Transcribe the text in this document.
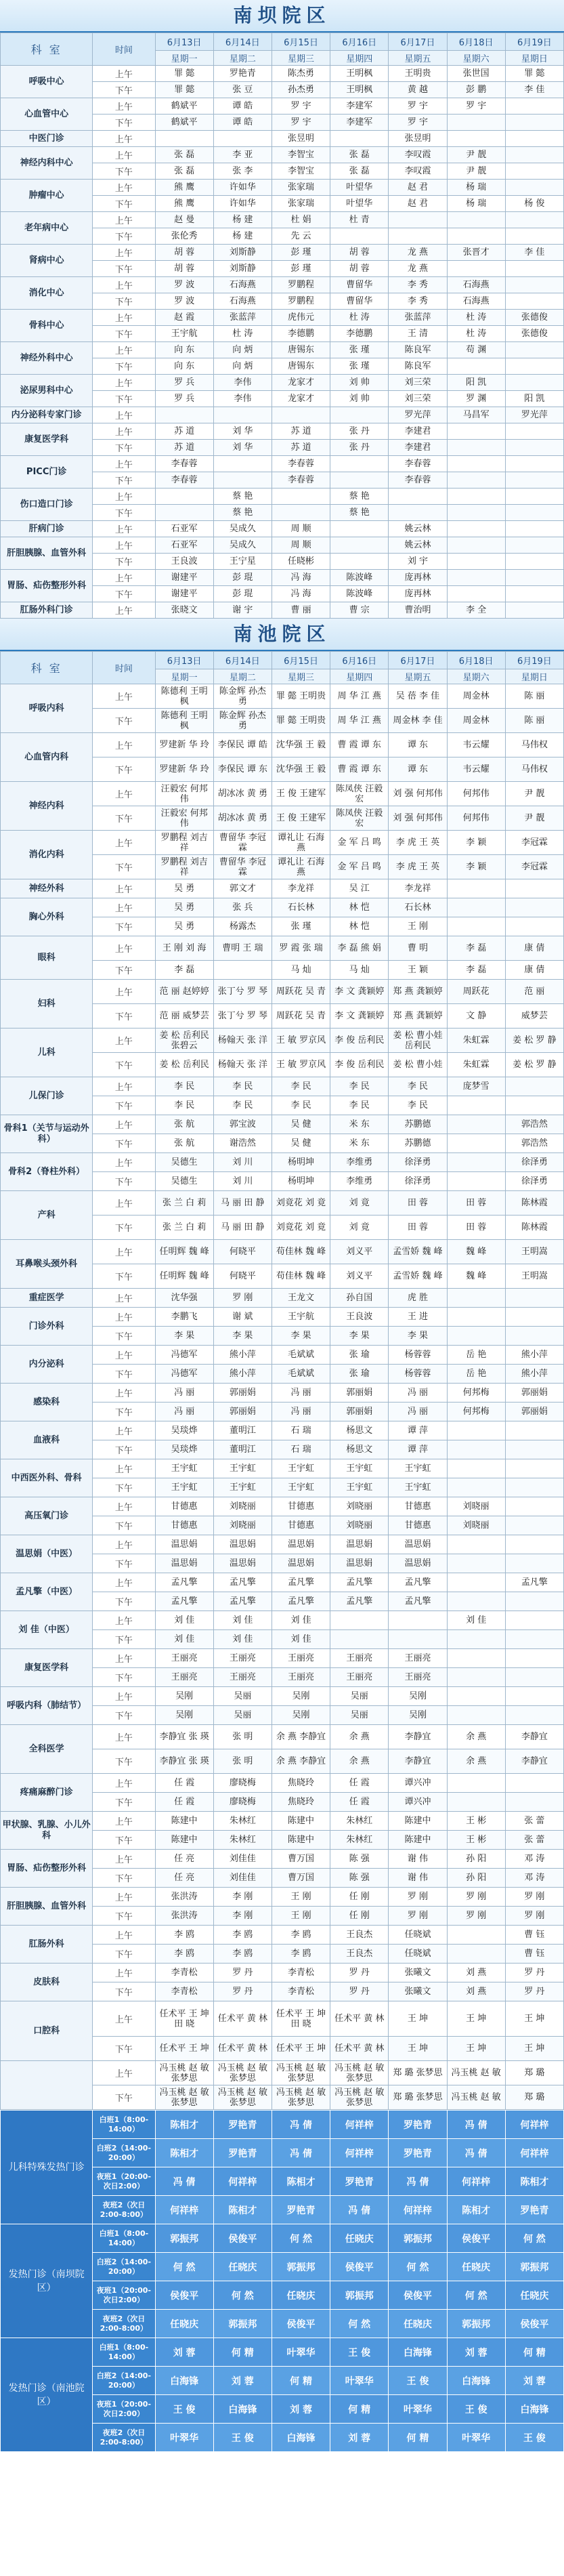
南坝院区
科 室	时间	6月13日	6月14日	6月15日	6月16日	6月17日	6月18日	6月19日
		星期一	星期二	星期三	星期四	星期五	星期六	星期日
呼吸中心	上午	罪 懿	罗艳青	陈杰勇	王明枫	王明贵	张世国	罪 懿
	下午	罪 懿	张 豆	孙杰勇	王明枫	黄 越	彭 鹏	李 佳
心血管中心	上午	鹤斌平	谭 皓	罗 宇	李建军	罗 宇	罗 宇	
	下午	鹤斌平	谭 皓	罗 宇	李建军	罗 宇		
中医门诊	上午			张昱明		张昱明		
神经内科中心	上午	张 磊	李 亚	李智宝	张 磊	李叹霞	尹 靓	
	下午	张 磊	张 李	李智宝	张 磊	李叹霞	尹 靓	
肿瘤中心	上午	熊 鹰	许如华	张家瑞	叶望华	赵 君	杨 瑞	
	下午	熊 鹰	许如华	张家瑞	叶望华	赵 君	杨 瑞	杨 俊
老年病中心	上午	赵 曼	杨 建	杜 娟	杜 青			
	下午	张伦秀	杨 建	先 云				
肾病中心	上午	胡 蓉	刘斯静	彭 瑾	胡 蓉	龙 燕	张晋才	李 佳
	下午	胡 蓉	刘斯静	彭 瑾	胡 蓉	龙 燕		
消化中心	上午	罗 波	石海燕	罗鹏程	曹留华	李 秀	石海燕	
	下午	罗 波	石海燕	罗鹏程	曹留华	李 秀	石海燕	
骨科中心	上午	赵 霞	张蓝萍	虎伟元	杜 涛	张蓝萍	杜 涛	张德俊
	下午	王宇航	杜 涛	李德鹏	李德鹏	王 清	杜 涛	张德俊
神经外科中心	上午	向 东	向 炳	唐锡东	张 瑾	陈良军	苟 渊	
	下午	向 东	向 炳	唐锡东	张 瑾	陈良军		
泌尿男科中心	上午	罗 兵	李伟	龙家才	刘 帅	刘三荣	阳 凯	
	下午	罗 兵	李伟	龙家才	刘 帅	刘三荣	罗 渊	阳 凯
内分泌科专家门诊	上午					罗光萍	马昌军	罗光萍
康复医学科	上午	苏 道	刘 华	苏 道	张 丹	李建君		
	下午	苏 道	刘 华	苏 道	张 丹	李建君		
PICC门诊	上午	李春蓉		李春蓉		李春蓉		
	下午	李春蓉		李春蓉		李春蓉		
伤口造口门诊	上午		蔡 艳		蔡 艳			
	下午		蔡 艳		蔡 艳			
肝病门诊	上午	石亚军	吴成久	周 顺		姚云林		
肝胆胰腺、血管外科	上午	石亚军	吴成久	周 顺		姚云林		
	下午	王良波	王宁星	任晓彬		刘 宇		
胃肠、疝伤整形外科	上午	谢建平	彭 琨	冯 海	陈波峰	庞再林		
	下午	谢建平	彭 琨	冯 海	陈波峰	庞再林		
肛肠外科门诊	上午	张晓文	谢 宇	曹 丽	曹 宗	曹治明	李 全	
南池院区
科 室	时间	6月13日	6月14日	6月15日	6月16日	6月17日	6月18日	6月19日
		星期一	星期二	星期三	星期四	星期五	星期六	星期日
呼吸内科	上午	陈德利 王明枫	陈金辉 孙杰勇	罪 懿 王明贵	周 华 江 燕	吴 蓓 李 佳	周金林	陈 丽
	下午	陈德利 王明枫	陈金辉 孙杰勇	罪 懿 王明贵	周 华 江 燕	周金林 李 佳	周金林	陈 丽
心血管内科	上午	罗建新 华 玲	李保民 谭 皓	沈华强 王 毅	曹 霞 谭 东	谭 东	韦云耀	马伟权
	下午	罗建新 华 玲	李保民 谭 东	沈华强 王 毅	曹 霞 谭 东	谭 东	韦云耀	马伟权
神经内科	上午	汪毅宏 何邦伟	胡冰冰 黄 勇	王 俊 王建军	陈凤侠 汪毅宏	刘 强 何邦伟	何邦伟	尹 靓
	下午	汪毅宏 何邦伟	胡冰冰 黄 勇	王 俊 王建军	陈凤侠 汪毅宏	刘 强 何邦伟	何邦伟	尹 靓
消化内科	上午	罗鹏程 刘吉祥	曹留华 李冠霖	谭礼让 石海燕	金 军 吕 鸣	李 虎 王 英	李 颖	李冠霖
	下午	罗鹏程 刘吉祥	曹留华 李冠霖	谭礼让 石海燕	金 军 吕 鸣	李 虎 王 英	李 颖	李冠霖
神经外科	上午	吴 勇	郭文才	李龙祥	吴 江	李龙祥		
胸心外科	上午	吴 勇	张 兵	石长林	林 恺	石长林		
	下午	吴 勇	杨露杰	张 瑾	林 恺	王 刚		
眼科	上午	王 刚 刘 海	曹明 王 瑞	罗 霞 张 瑞	李 磊 熊 娟	曹 明	李 磊	康 倩
	下午	李 磊		马 灿	马 灿	王 颖	李 磊	康 倩
妇科	上午	范 丽 赵婷婷	张丁兮 罗 琴	周跃花 吴 青	李 文 龚颖婷	郑 燕 龚颖婷	周跃花	范 丽
	下午	范 丽 威梦芸	张丁兮 罗 琴	周跃花 吴 青	李 文 龚颖婷	郑 燕 龚颖婷	文 静	威梦芸
儿科	上午	姜 松 岳利民 张碧云	杨翰天 张 洋	王 敏 罗京风	李 俊 岳利民	姜 松 曹小娃 岳利民	朱虹霖	姜 松 罗 静
	下午	姜 松 岳利民	杨翰天 张 洋	王 敏 罗京风	李 俊 岳利民	姜 松 曹小娃	朱虹霖	姜 松 罗 静
儿保门诊	上午	李 民	李 民	李 民	李 民	李 民	庞梦雪	
	下午	李 民	李 民	李 民	李 民	李 民		
骨科1（关节与运动外科）	上午	张 航	郭宝波	吴 健	米 东	苏鹏德		郭浩然
	下午	张 航	谢浩然	吴 健	米 东	苏鹏德		郭浩然
骨科2（脊柱外科）	上午	吴德生	刘 川	杨明坤	李维勇	徐泽勇		徐泽勇
	下午	吴德生	刘 川	杨明坤	李维勇	徐泽勇		徐泽勇
产科	上午	张 兰 白 莉	马 丽 田 静	刘竟花 刘 竟	刘 竟	田 蓉	田 蓉	陈林霞
	下午	张 兰 白 莉	马 丽 田 静	刘竟花 刘 竟	刘 竟	田 蓉	田 蓉	陈林霞
耳鼻喉头颈外科	上午	任明辉 魏 峰	何晓平	苟佳林 魏 峰	刘义平	孟雪娇 魏 峰	魏 峰	王明嵩
	下午	任明辉 魏 峰	何晓平	苟佳林 魏 峰	刘义平	孟雪娇 魏 峰	魏 峰	王明嵩
重症医学	上午	沈华强	罗 刚	王龙文	孙自国	虎 胜		
门诊外科	上午	李鹏飞	谢 斌	王宇航	王良波	王 进		
	下午	李 果	李 果	李 果	李 果	李 果		
内分泌科	上午	冯德军	熊小萍	毛斌斌	张 瑜	杨蓉蓉	岳 艳	熊小萍
	下午	冯德军	熊小萍	毛斌斌	张 瑜	杨蓉蓉	岳 艳	熊小萍
感染科	上午	冯 丽	郭丽娟	冯 丽	郭丽娟	冯 丽	何邦梅	郭丽娟
	下午	冯 丽	郭丽娟	冯 丽	郭丽娟	冯 丽	何邦梅	郭丽娟
血液科	上午	吴琰烨	董明江	石 瑞	杨思文	谭 萍		
	下午	吴琰烨	董明江	石 瑞	杨思文	谭 萍		
中西医外科、骨科	上午	王宇虹	王宇虹	王宇虹	王宇虹	王宇虹		
	下午	王宇虹	王宇虹	王宇虹	王宇虹	王宇虹		
高压氧门诊	上午	甘德惠	刘晓丽	甘德惠	刘晓丽	甘德惠	刘晓丽	
	下午	甘德惠	刘晓丽	甘德惠	刘晓丽	甘德惠	刘晓丽	
温思娟（中医）	上午	温思娟	温思娟	温思娟	温思娟	温思娟		
	下午	温思娟	温思娟	温思娟	温思娟	温思娟		
孟凡擎（中医）	上午	孟凡擎	孟凡擎	孟凡擎	孟凡擎	孟凡擎		孟凡擎
	下午	孟凡擎	孟凡擎	孟凡擎	孟凡擎	孟凡擎		
刘 佳（中医）	上午	刘 佳	刘 佳	刘 佳			刘 佳	
	下午	刘 佳	刘 佳	刘 佳				
康复医学科	上午	王丽亮	王丽亮	王丽亮	王丽亮	王丽亮		
	下午	王丽亮	王丽亮	王丽亮	王丽亮	王丽亮		
呼吸内科（肺结节）	上午	吴刚	吴丽	吴刚	吴丽	吴刚		
	下午	吴刚	吴丽	吴刚	吴丽	吴刚		
全科医学	上午	李静宜 张 瑛	张 明	余 燕 李静宜	余 燕	李静宜	余 燕	李静宜
	下午	李静宜 张 瑛	张 明	余 燕 李静宜	余 燕	李静宜	余 燕	李静宜
疼痛麻醉门诊	上午	任 霞	廖晓梅	焦晓玲	任 霞	谭兴冲		
	下午	任 霞	廖晓梅	焦晓玲	任 霞	谭兴冲		
甲状腺、乳腺、小儿外科	上午	陈建中	朱林红	陈建中	朱林红	陈建中	王 彬	张 蕾
	下午	陈建中	朱林红	陈建中	朱林红	陈建中	王 彬	张 蕾
胃肠、疝伤整形外科	上午	任 亮	刘佳佳	曹万国	陈 强	谢 伟	孙 阳	邓 涛
	下午	任 亮	刘佳佳	曹万国	陈 强	谢 伟	孙 阳	邓 涛
肝胆胰腺、血管外科	上午	张洪涛	李 刚	王 刚	任 刚	罗 刚	罗 刚	罗 刚
	下午	张洪涛	李 刚	王 刚	任 刚	罗 刚	罗 刚	罗 刚
肛肠外科	上午	李 鸥	李 鸥	李 鸥	王良杰	任晓斌		曹 钰
	下午	李 鸥	李 鸥	李 鸥	王良杰	任晓斌		曹 钰
皮肤科	上午	李青松	罗 丹	李青松	罗 丹	张曦文	刘 燕	罗 丹
	下午	李青松	罗 丹	李青松	罗 丹	张曦文	刘 燕	罗 丹
口腔科	上午	任术平 王 坤 田 晓	任术平 黄 林	任术平 王 坤 田 晓	任术平 黄 林	王 坤	王 坤	王 坤
	下午	任术平 王 坤	任术平 黄 林	任术平 王 坤	任术平 黄 林	王 坤	王 坤	王 坤
	上午	冯玉桃 赵 敏 张梦思	冯玉桃 赵 敏 张梦思	冯玉桃 赵 敏 张梦思	冯玉桃 赵 敏 张梦思	郑 璐 张梦思	冯玉桃 赵 敏	郑 璐
	下午	冯玉桃 赵 敏 张梦思	冯玉桃 赵 敏 张梦思	冯玉桃 赵 敏 张梦思	冯玉桃 赵 敏 张梦思	郑 璐 张梦思	冯玉桃 赵 敏	郑 璐
儿科特殊发热门诊	白班1（8:00-14:00）	陈相才	罗艳青	冯 倩	何祥梓	罗艳青	冯 倩	何祥梓
	白班2（14:00-20:00）	陈相才	罗艳青	冯 倩	何祥梓	罗艳青	冯 倩	何祥梓
	夜班1（20:00-次日2:00）	冯 倩	何祥梓	陈相才	罗艳青	冯 倩	何祥梓	陈相才
	夜班2（次日2:00-8:00）	何祥梓	陈相才	罗艳青	冯 倩	何祥梓	陈相才	罗艳青
发热门诊（南坝院区）	白班1（8:00-14:00）	郭振邦	侯俊平	何 然	任晓庆	郭振邦	侯俊平	何 然
	白班2（14:00-20:00）	何 然	任晓庆	郭振邦	侯俊平	何 然	任晓庆	郭振邦
	夜班1（20:00-次日2:00）	侯俊平	何 然	任晓庆	郭振邦	侯俊平	何 然	任晓庆
	夜班2（次日2:00-8:00）	任晓庆	郭振邦	侯俊平	何 然	任晓庆	郭振邦	侯俊平
发热门诊（南池院区）	白班1（8:00-14:00）	刘 蓉	何 精	叶翠华	王 俊	白海锋	刘 蓉	何 精
	白班2（14:00-20:00）	白海锋	刘 蓉	何 精	叶翠华	王 俊	白海锋	刘 蓉
	夜班1（20:00-次日2:00）	王 俊	白海锋	刘 蓉	何 精	叶翠华	王 俊	白海锋
	夜班2（次日2:00-8:00）	叶翠华	王 俊	白海锋	刘 蓉	何 精	叶翠华	王 俊
